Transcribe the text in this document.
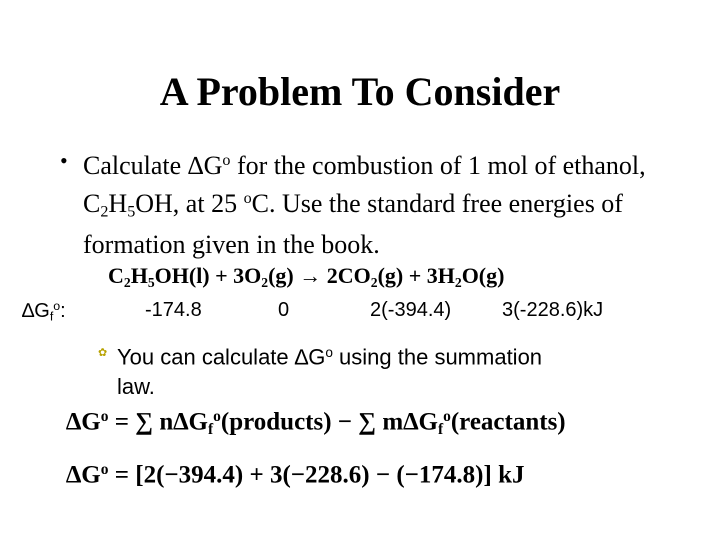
A Problem To Consider
• Calculate $\Delta G^o$ for the combustion of 1 mol of ethanol, C2H5OH, at 25 $^o$C. Use the standard free energies of formation given in the book.
C2H5OH(l) + 3O2(g) → 2CO2(g) + 3H2O(g)
∆Gf$^o$:	-174.8	0	2(-394.4)	3(-228.6)kJ
✿ You can calculate $\Delta G^o$ using the summation law.
$\Delta G^o$ = ∑ $n\Delta Gf^o(products)$ − ∑ m∆Gf$^o$(reactants)
$\Delta G^o = [2(-394.4) + 3(-228.6) - (-174.8)]$ kJ
